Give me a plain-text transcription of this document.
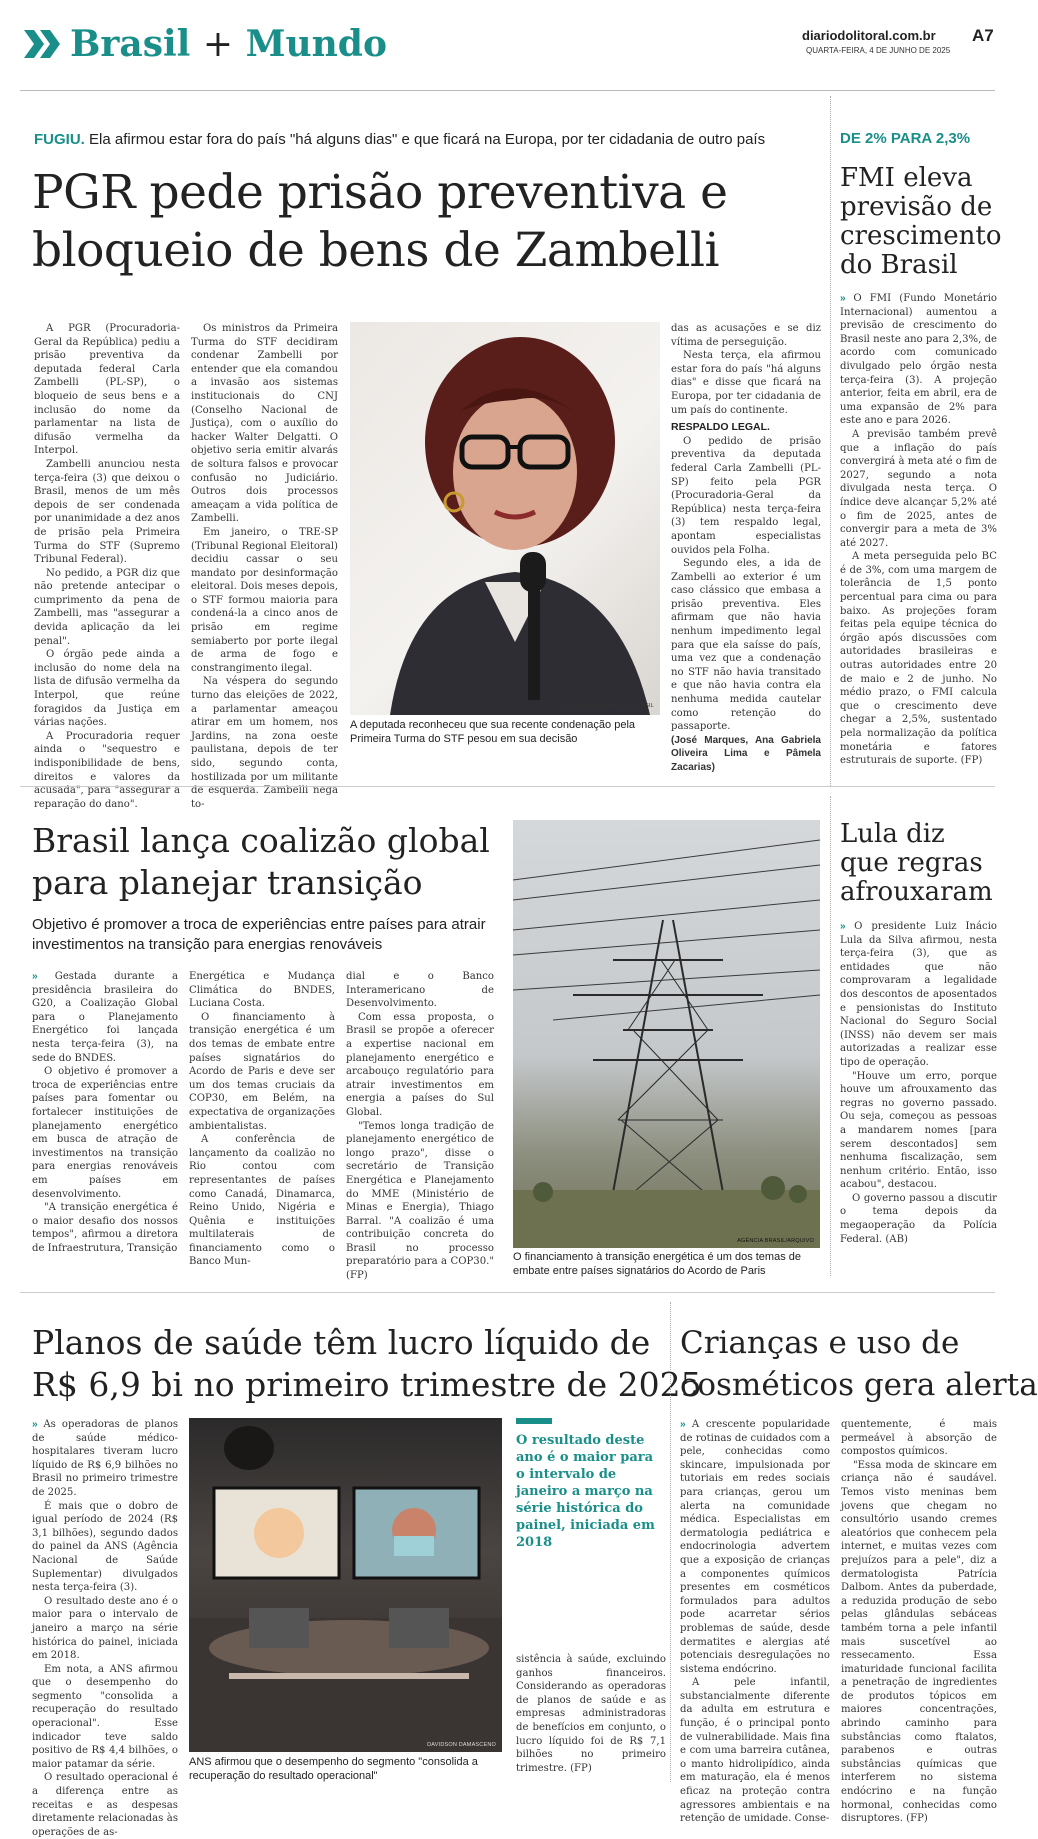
Brasil + Mundo	diariodolitoral.com.br
QUARTA-FEIRA, 4 DE JUNHO DE 2025
A7
FUGIU. Ela afirmou estar fora do país "há alguns dias" e que ficará na Europa, por ter cidadania de outro país
PGR pede prisão preventiva e
bloqueio de bens de Zambelli

A PGR (Procuradoria-Geral da República) pediu a prisão preventiva da deputada federal Carla Zambelli (PL-SP), o bloqueio de seus bens e a inclusão do nome da parlamentar na lista de difusão vermelha da Interpol.

Zambelli anunciou nesta terça-feira (3) que deixou o Brasil, menos de um mês depois de ser condenada por unanimidade a dez anos de prisão pela Primeira Turma do STF (Supremo Tribunal Federal).

No pedido, a PGR diz que não pretende antecipar o cumprimento da pena de Zambelli, mas "assegurar a devida aplicação da lei penal".

O órgão pede ainda a inclusão do nome dela na lista de difusão vermelha da Interpol, que reúne foragidos da Justiça em várias nações.

A Procuradoria requer ainda o "sequestro e indisponibilidade de bens, direitos e valores da acusada", para "assegurar a reparação do dano".

Os ministros da Primeira Turma do STF decidiram condenar Zambelli por entender que ela comandou a invasão aos sistemas institucionais do CNJ (Conselho Nacional de Justiça), com o auxílio do hacker Walter Delgatti. O objetivo seria emitir alvarás de soltura falsos e provocar confusão no Judiciário. Outros dois processos ameaçam a vida política de Zambelli.

Em janeiro, o TRE-SP (Tribunal Regional Eleitoral) decidiu cassar o seu mandato por desinformação eleitoral. Dois meses depois, o STF formou maioria para condená-la a cinco anos de prisão em regime semiaberto por porte ilegal de arma de fogo e constrangimento ilegal.

Na véspera do segundo turno das eleições de 2022, a parlamentar ameaçou atirar em um homem, nos Jardins, na zona oeste paulistana, depois de ter sido, segundo conta, hostilizada por um militante de esquerda. Zambelli nega to-

LULA MARQUES/AGÊNCIA BRASIL
A deputada reconheceu que sua recente condenação pela Primeira Turma do STF pesou em sua decisão

das as acusações e se diz vítima de perseguição.

Nesta terça, ela afirmou estar fora do país "há alguns dias" e disse que ficará na Europa, por ter cidadania de um país do continente.

RESPALDO LEGAL.

O pedido de prisão preventiva da deputada federal Carla Zambelli (PL-SP) feito pela PGR (Procuradoria-Geral da República) nesta terça-feira (3) tem respaldo legal, apontam especialistas ouvidos pela Folha.

Segundo eles, a ida de Zambelli ao exterior é um caso clássico que embasa a prisão preventiva. Eles afirmam que não havia nenhum impedimento legal para que ela saísse do país, uma vez que a condenação no STF não havia transitado e que não havia contra ela nenhuma medida cautelar como retenção do passaporte.

(José Marques, Ana Gabriela Oliveira Lima e Pâmela Zacarias)

DE 2% PARA 2,3%
FMI eleva
previsão de
crescimento
do Brasil

» O FMI (Fundo Monetário Internacional) aumentou a previsão de crescimento do Brasil neste ano para 2,3%, de acordo com comunicado divulgado pelo órgão nesta terça-feira (3). A projeção anterior, feita em abril, era de uma expansão de 2% para este ano e para 2026.

A previsão também prevê que a inflação do país convergirá à meta até o fim de 2027, segundo a nota divulgada nesta terça. O índice deve alcançar 5,2% até o fim de 2025, antes de convergir para a meta de 3% até 2027.

A meta perseguida pelo BC é de 3%, com uma margem de tolerância de 1,5 ponto percentual para cima ou para baixo. As projeções foram feitas pela equipe técnica do órgão após discussões com autoridades brasileiras e outras autoridades entre 20 de maio e 2 de junho. No médio prazo, o FMI calcula que o crescimento deve chegar a 2,5%, sustentado pela normalização da política monetária e fatores estruturais de suporte. (FP)

Brasil lança coalizão global
para planejar transição
Objetivo é promover a troca de experiências entre países para atrair investimentos na transição para energias renováveis

» Gestada durante a presidência brasileira do G20, a Coalização Global para o Planejamento Energético foi lançada nesta terça-feira (3), na sede do BNDES.

O objetivo é promover a troca de experiências entre países para fomentar ou fortalecer instituições de planejamento energético em busca de atração de investimentos na transição para energias renováveis em países em desenvolvimento.

"A transição energética é o maior desafio dos nossos tempos", afirmou a diretora de Infraestrutura, Transição

Energética e Mudança Climática do BNDES, Luciana Costa.

O financiamento à transição energética é um dos temas de embate entre países signatários do Acordo de Paris e deve ser um dos temas cruciais da COP30, em Belém, na expectativa de organizações ambientalistas.

A conferência de lançamento da coalizão no Rio contou com representantes de países como Canadá, Dinamarca, Reino Unido, Nigéria e Quênia e instituições multilaterais de financiamento como o Banco Mun-

dial e o Banco Interamericano de Desenvolvimento.

Com essa proposta, o Brasil se propõe a oferecer a expertise nacional em planejamento energético e arcabouço regulatório para atrair investimentos em energia a países do Sul Global.

"Temos longa tradição de planejamento energético de longo prazo", disse o secretário de Transição Energética e Planejamento do MME (Ministério de Minas e Energia), Thiago Barral. "A coalizão é uma contribuição concreta do Brasil no processo preparatório para a COP30." (FP)

AGÊNCIA BRASIL/ARQUIVO
O financiamento à transição energética é um dos temas de embate entre países signatários do Acordo de Paris
Lula diz
que regras
afrouxaram

» O presidente Luiz Inácio Lula da Silva afirmou, nesta terça-feira (3), que as entidades que não comprovaram a legalidade dos descontos de aposentados e pensionistas do Instituto Nacional do Seguro Social (INSS) não devem ser mais autorizadas a realizar esse tipo de operação.

"Houve um erro, porque houve um afrouxamento das regras no governo passado. Ou seja, começou as pessoas a mandarem nomes [para serem descontados] sem nenhuma fiscalização, sem nenhum critério. Então, isso acabou", destacou.

O governo passou a discutir o tema depois da megaoperação da Polícia Federal. (AB)

Planos de saúde têm lucro líquido de
R$ 6,9 bi no primeiro trimestre de 2025

» As operadoras de planos de saúde médico-hospitalares tiveram lucro líquido de R$ 6,9 bilhões no Brasil no primeiro trimestre de 2025.

É mais que o dobro de igual período de 2024 (R$ 3,1 bilhões), segundo dados do painel da ANS (Agência Nacional de Saúde Suplementar) divulgados nesta terça-feira (3).

O resultado deste ano é o maior para o intervalo de janeiro a março na série histórica do painel, iniciada em 2018.

Em nota, a ANS afirmou que o desempenho do segmento "consolida a recuperação do resultado operacional". Esse indicador teve saldo positivo de R$ 4,4 bilhões, o maior patamar da série.

O resultado operacional é a diferença entre as receitas e as despesas diretamente relacionadas às operações de as-

DAVIDSON DAMASCENO
ANS afirmou que o desempenho do segmento "consolida a recuperação do resultado operacional"
O resultado deste ano é o maior para o intervalo de janeiro a março na série histórica do painel, iniciada em 2018

sistência à saúde, excluindo ganhos financeiros. Considerando as operadoras de planos de saúde e as empresas administradoras de benefícios em conjunto, o lucro líquido foi de R$ 7,1 bilhões no primeiro trimestre. (FP)

Crianças e uso de
cosméticos gera alerta

» A crescente popularidade de rotinas de cuidados com a pele, conhecidas como skincare, impulsionada por tutoriais em redes sociais para crianças, gerou um alerta na comunidade médica. Especialistas em dermatologia pediátrica e endocrinologia advertem que a exposição de crianças a componentes químicos presentes em cosméticos formulados para adultos pode acarretar sérios problemas de saúde, desde dermatites e alergias até potenciais desregulações no sistema endócrino.

A pele infantil, substancialmente diferente da adulta em estrutura e função, é o principal ponto de vulnerabilidade. Mais fina e com uma barreira cutânea, o manto hidrolipídico, ainda em maturação, ela é menos eficaz na proteção contra agressores ambientais e na retenção de umidade. Conse-

quentemente, é mais permeável à absorção de compostos químicos.

"Essa moda de skincare em criança não é saudável. Temos visto meninas bem jovens que chegam no consultório usando cremes aleatórios que conhecem pela internet, e muitas vezes com prejuízos para a pele", diz a dermatologista Patrícia Dalbom. Antes da puberdade, a reduzida produção de sebo pelas glândulas sebáceas também torna a pele infantil mais suscetível ao ressecamento. Essa imaturidade funcional facilita a penetração de ingredientes de produtos tópicos em maiores concentrações, abrindo caminho para substâncias como ftalatos, parabenos e outras substâncias químicas que interferem no sistema endócrino e na função hormonal, conhecidas como disruptores. (FP)
